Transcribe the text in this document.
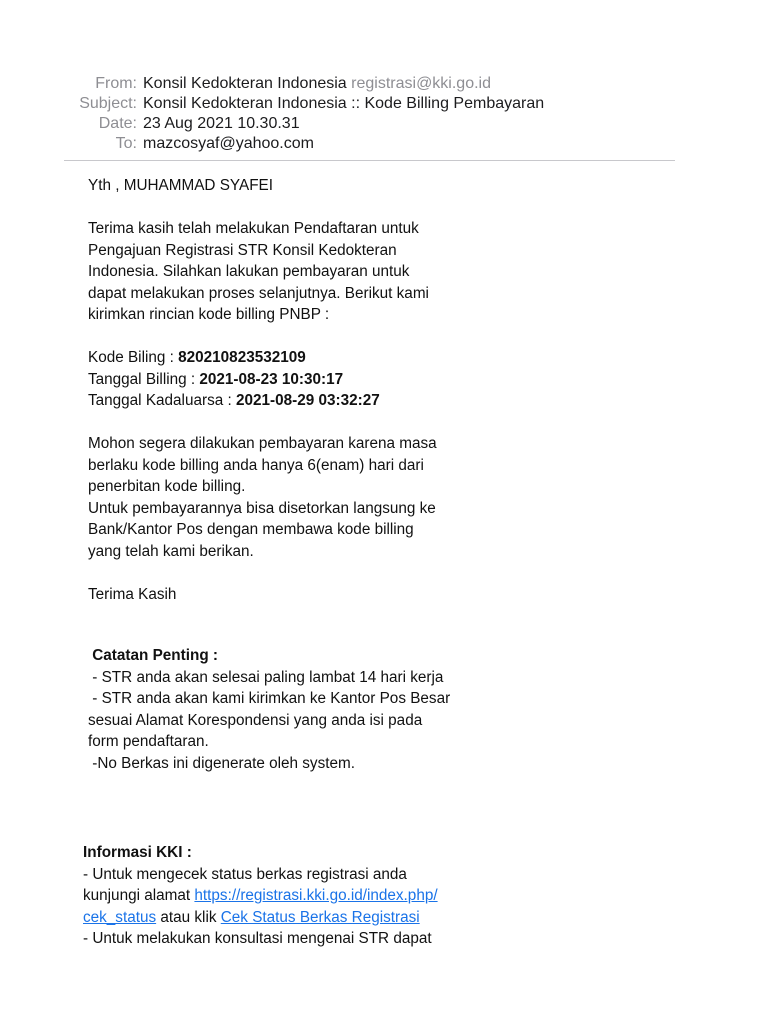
From: Konsil Kedokteran Indonesia registrasi@kki.go.id
Subject: Konsil Kedokteran Indonesia :: Kode Billing Pembayaran
Date: 23 Aug 2021 10.30.31
To: mazcosyaf@yahoo.com
Yth , MUHAMMAD SYAFEI
Terima kasih telah melakukan Pendaftaran untuk
Pengajuan Registrasi STR Konsil Kedokteran
Indonesia. Silahkan lakukan pembayaran untuk
dapat melakukan proses selanjutnya. Berikut kami
kirimkan rincian kode billing PNBP :
Kode Biling : 820210823532109
Tanggal Billing : 2021-08-23 10:30:17
Tanggal Kadaluarsa : 2021-08-29 03:32:27
Mohon segera dilakukan pembayaran karena masa
berlaku kode billing anda hanya 6(enam) hari dari
penerbitan kode billing.
Untuk pembayarannya bisa disetorkan langsung ke
Bank/Kantor Pos dengan membawa kode billing
yang telah kami berikan.
Terima Kasih
Catatan Penting :
- STR anda akan selesai paling lambat 14 hari kerja
- STR anda akan kami kirimkan ke Kantor Pos Besar
sesuai Alamat Korespondensi yang anda isi pada
form pendaftaran.
-No Berkas ini digenerate oleh system.
Informasi KKI :
- Untuk mengecek status berkas registrasi anda
kunjungi alamat https://registrasi.kki.go.id/index.php/
cek_status atau klik Cek Status Berkas Registrasi
- Untuk melakukan konsultasi mengenai STR dapat
